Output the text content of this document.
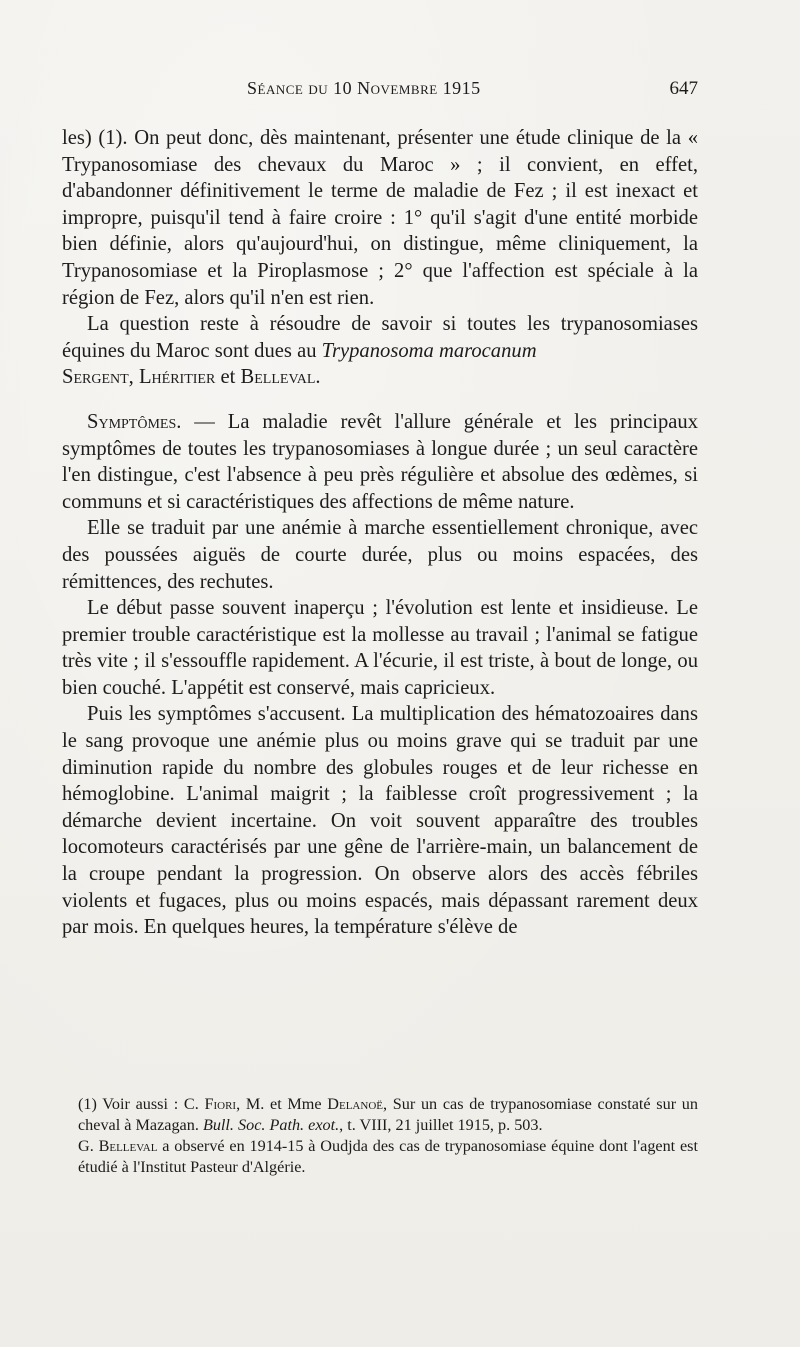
Séance du 10 Novembre 1915	647

les) (1). On peut donc, dès maintenant, présenter une étude clinique de la « Trypanosomiase des chevaux du Maroc » ; il convient, en effet, d'abandonner définitivement le terme de maladie de Fez ; il est inexact et impropre, puisqu'il tend à faire croire : 1° qu'il s'agit d'une entité morbide bien définie, alors qu'aujourd'hui, on distingue, même cliniquement, la Trypanosomiase et la Piroplasmose ; 2° que l'affection est spéciale à la région de Fez, alors qu'il n'en est rien.

La question reste à résoudre de savoir si toutes les trypanosomiases équines du Maroc sont dues au Trypanosoma marocanum
Sergent, Lhéritier et Belleval.

Symptômes. — La maladie revêt l'allure générale et les principaux symptômes de toutes les trypanosomiases à longue durée ; un seul caractère l'en distingue, c'est l'absence à peu près régulière et absolue des œdèmes, si communs et si caractéristiques des affections de même nature.

Elle se traduit par une anémie à marche essentiellement chronique, avec des poussées aiguës de courte durée, plus ou moins espacées, des rémittences, des rechutes.

Le début passe souvent inaperçu ; l'évolution est lente et insidieuse. Le premier trouble caractéristique est la mollesse au travail ; l'animal se fatigue très vite ; il s'essouffle rapidement. A l'écurie, il est triste, à bout de longe, ou bien couché. L'appétit est conservé, mais capricieux.

Puis les symptômes s'accusent. La multiplication des hématozoaires dans le sang provoque une anémie plus ou moins grave qui se traduit par une diminution rapide du nombre des globules rouges et de leur richesse en hémoglobine. L'animal maigrit ; la faiblesse croît progressivement ; la démarche devient incertaine. On voit souvent apparaître des troubles locomoteurs caractérisés par une gêne de l'arrière-main, un balancement de la croupe pendant la progression. On observe alors des accès fébriles violents et fugaces, plus ou moins espacés, mais dépassant rarement deux par mois. En quelques heures, la température s'élève de

(1) Voir aussi : C. Fiori, M. et Mme Delanoë, Sur un cas de trypanosomiase constaté sur un cheval à Mazagan. Bull. Soc. Path. exot., t. VIII, 21 juillet 1915, p. 503.

G. Belleval a observé en 1914-15 à Oudjda des cas de trypanosomiase équine dont l'agent est étudié à l'Institut Pasteur d'Algérie.
